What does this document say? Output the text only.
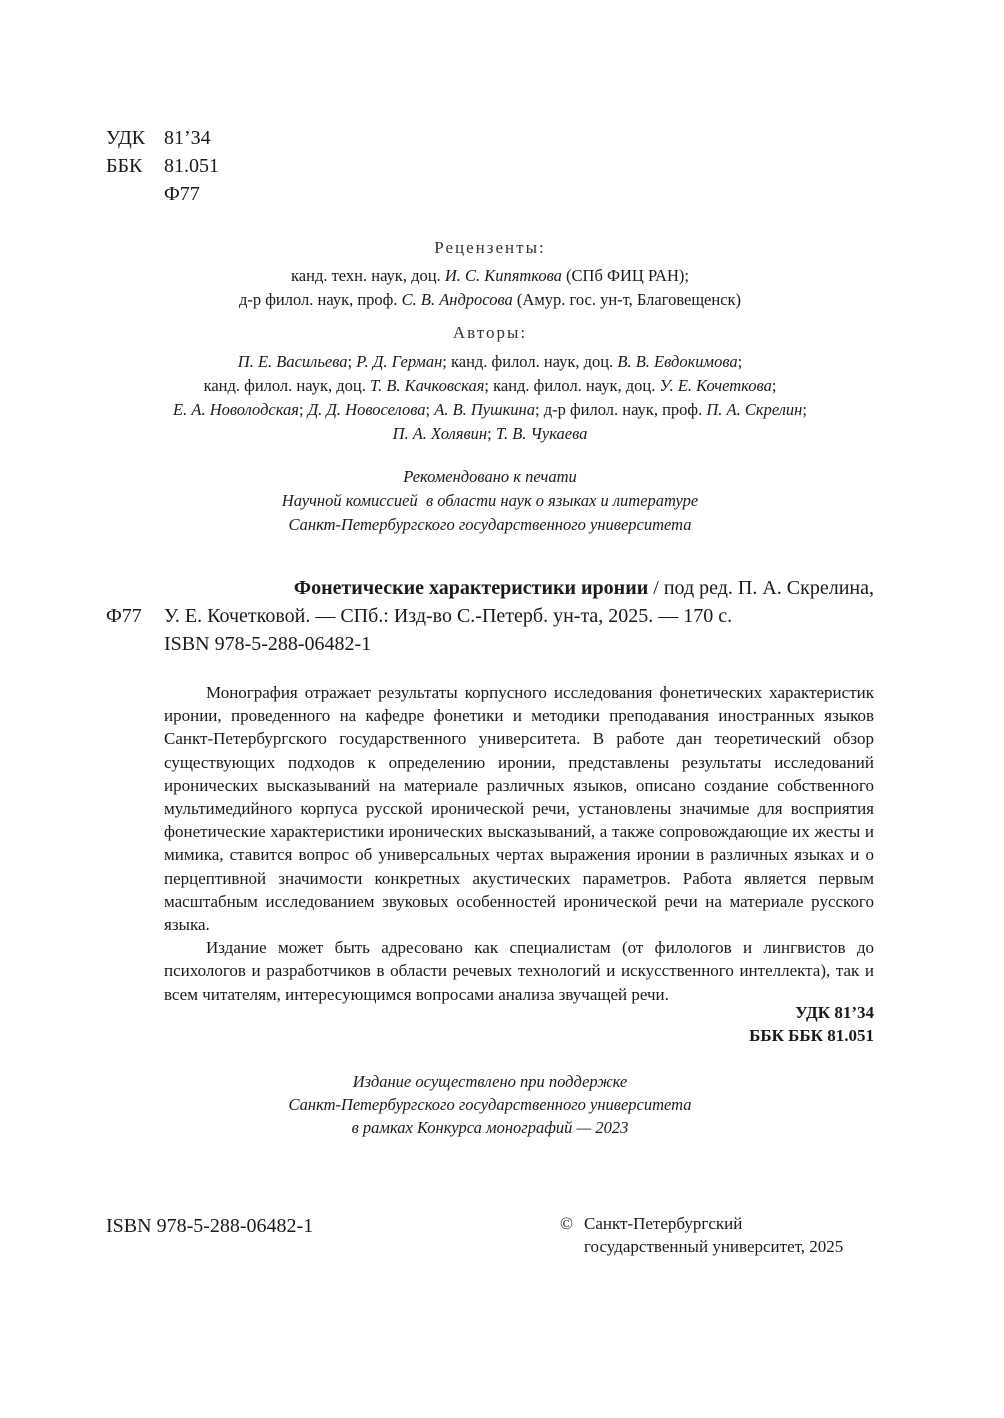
УДК 81’34
ББК	81.051
Ф77
Рецензенты:
канд. техн. наук, доц. И. С. Кипяткова (СПб ФИЦ РАН);
д-р филол. наук, проф. С. В. Андросова (Амур. гос. ун-т, Благовещенск)
Авторы:
П. Е. Васильева; Р. Д. Герман; канд. филол. наук, доц. В. В. Евдокимова;
канд. филол. наук, доц. Т. В. Качковская; канд. филол. наук, доц. У. Е. Кочеткова;
Е. А. Новолодская; Д. Д. Новоселова; А. В. Пушкина; д-р филол. наук, проф. П. А. Скрелин;
П. А. Холявин; Т. В. Чукаева
Рекомендовано к печати
Научной комиссией  в области наук о языках и литературе
Санкт-Петербургского государственного университета
Фонетические характеристики иронии / под ред. П. А. Скрелина,
Ф77 У. Е. Кочетковой. — СПб.: Изд-во С.-Петерб. ун-та, 2025. — 170 с.
ISBN 978-5-288-06482-1

Монография отражает результаты корпусного исследования фонетических характеристик иронии, проведенного на кафедре фонетики и методики преподавания иностранных языков Санкт-Петербургского государственного университета. В работе дан теоретический обзор существующих подходов к определению иронии, представлены результаты исследований иронических высказываний на материале различных языков, описано создание собственного мультимедийного корпуса русской иронической речи, установлены значимые для восприятия фонетические характеристики иронических высказываний, а также сопровождающие их жесты и мимика, ставится вопрос об универсальных чертах выражения иронии в различных языках и о перцептивной значимости конкретных акустических параметров. Работа является первым масштабным исследованием звуковых особенностей иронической речи на материале русского языка.

Издание может быть адресовано как специалистам (от филологов и лингвистов до психологов и разработчиков в области речевых технологий и искусственного интеллекта), так и всем читателям, интересующимся вопросами анализа звучащей речи.

УДК 81’34
ББК ББК 81.051
Издание осуществлено при поддержке
Санкт-Петербургского государственного университета
в рамках Конкурса монографий — 2023
ISBN 978-5-288-06482-1	© Санкт-Петербургский
государственный университет, 2025
